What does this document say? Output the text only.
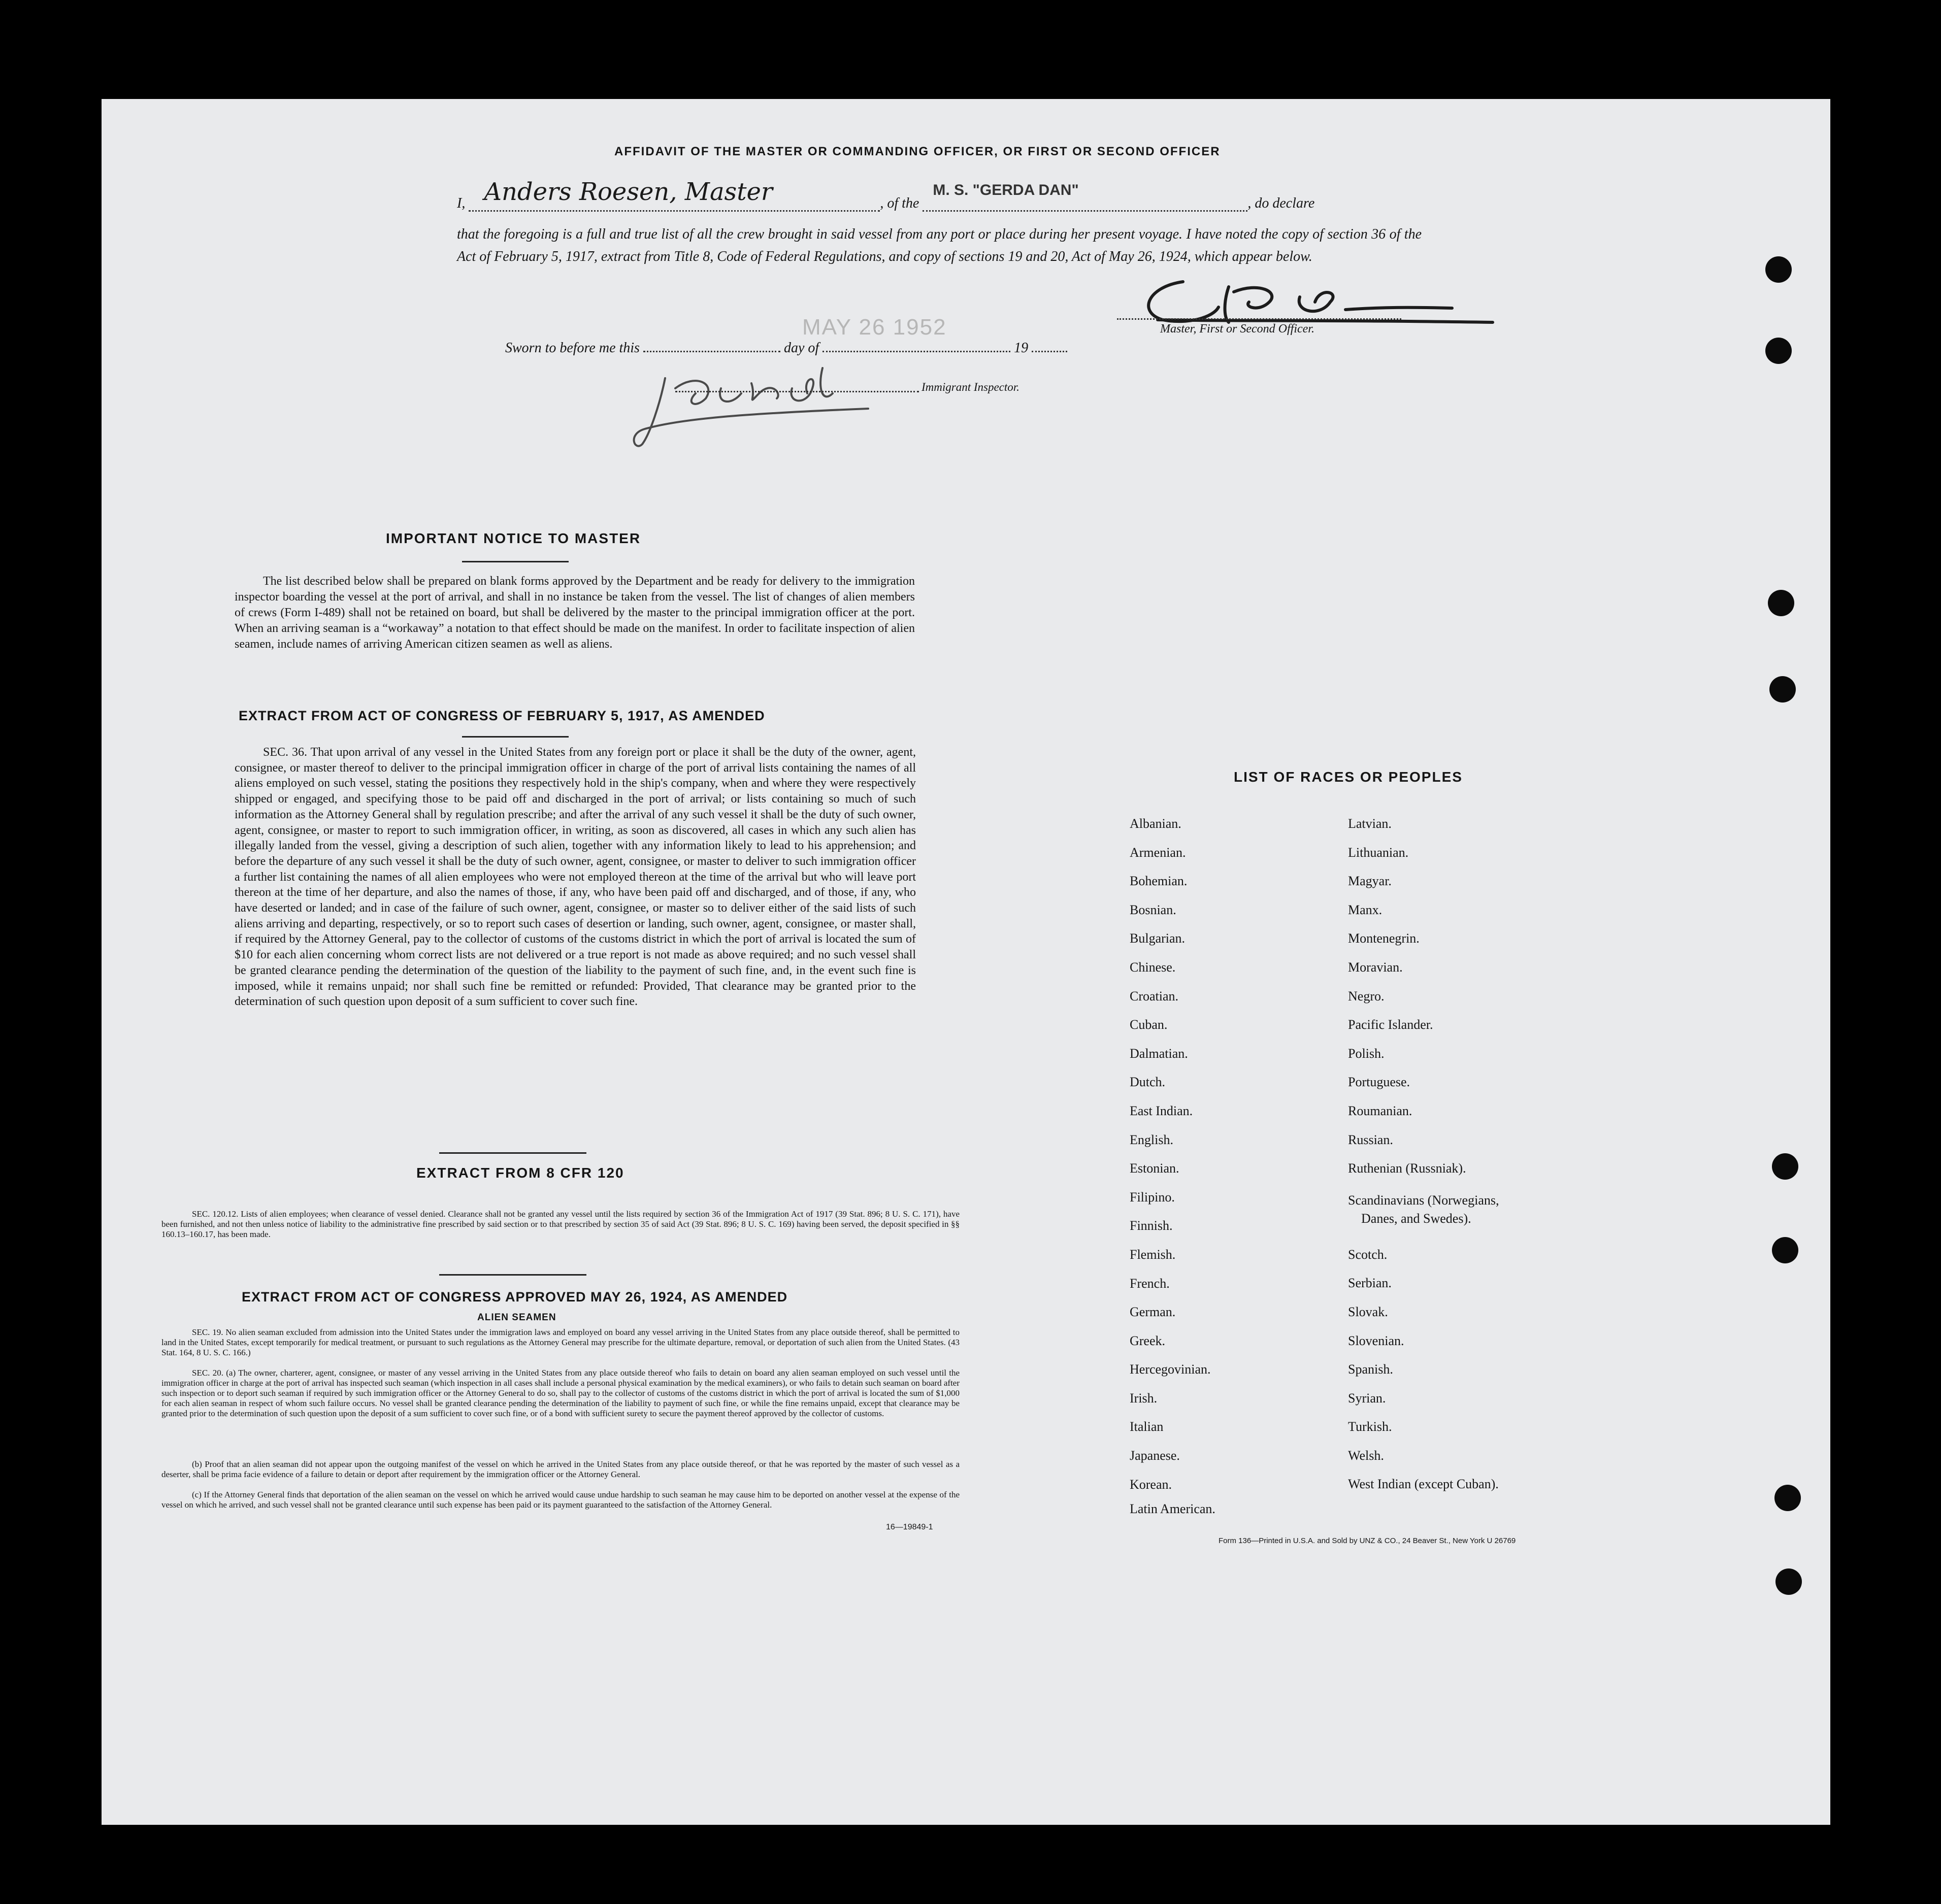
AFFIDAVIT OF THE MASTER OR COMMANDING OFFICER, OR FIRST OR SECOND OFFICER
I, Anders Roesen, Master	, of the
M. S. "GERDA DAN"
, do declare
that the foregoing is a full and true list of all the crew brought in said vessel from any port or place during her present voyage. I have noted the copy of section 36 of the Act of February 5, 1917, extract from Title 8, Code of Federal Regulations, and copy of sections 19 and 20, Act of May 26, 1924, which appear below.
Master, First or Second Officer.
MAY 26 1952
Sworn to before me this	day of	19
Immigrant Inspector.
IMPORTANT NOTICE TO MASTER
The list described below shall be prepared on blank forms approved by the Department and be ready for delivery to the immigration inspector boarding the vessel at the port of arrival, and shall in no instance be taken from the vessel. The list of changes of alien members of crews (Form I-489) shall not be retained on board, but shall be delivered by the master to the principal immigration officer at the port. When an arriving seaman is a “workaway” a notation to that effect should be made on the manifest. In order to facilitate inspection of alien seamen, include names of arriving American citizen seamen as well as aliens.
EXTRACT FROM ACT OF CONGRESS OF FEBRUARY 5, 1917, AS AMENDED
SEC. 36. That upon arrival of any vessel in the United States from any foreign port or place it shall be the duty of the owner, agent, consignee, or master thereof to deliver to the principal immigration officer in charge of the port of arrival lists containing the names of all aliens employed on such vessel, stating the positions they respectively hold in the ship's company, when and where they were respectively shipped or engaged, and specifying those to be paid off and discharged in the port of arrival; or lists containing so much of such information as the Attorney General shall by regulation prescribe; and after the arrival of any such vessel it shall be the duty of such owner, agent, consignee, or master to report to such immigration officer, in writing, as soon as discovered, all cases in which any such alien has illegally landed from the vessel, giving a description of such alien, together with any information likely to lead to his apprehension; and before the departure of any such vessel it shall be the duty of such owner, agent, consignee, or master to deliver to such immigration officer a further list containing the names of all alien employees who were not employed thereon at the time of the arrival but who will leave port thereon at the time of her departure, and also the names of those, if any, who have been paid off and discharged, and of those, if any, who have deserted or landed; and in case of the failure of such owner, agent, consignee, or master so to deliver either of the said lists of such aliens arriving and departing, respectively, or so to report such cases of desertion or landing, such owner, agent, consignee, or master shall, if required by the Attorney General, pay to the collector of customs of the customs district in which the port of arrival is located the sum of $10 for each alien concerning whom correct lists are not delivered or a true report is not made as above required; and no such vessel shall be granted clearance pending the determination of the question of the liability to the payment of such fine, and, in the event such fine is imposed, while it remains unpaid; nor shall such fine be remitted or refunded: Provided, That clearance may be granted prior to the determination of such question upon deposit of a sum sufficient to cover such fine.
EXTRACT FROM 8 CFR 120
SEC. 120.12. Lists of alien employees; when clearance of vessel denied. Clearance shall not be granted any vessel until the lists required by section 36 of the Immigration Act of 1917 (39 Stat. 896; 8 U. S. C. 171), have been furnished, and not then unless notice of liability to the administrative fine prescribed by said section or to that prescribed by section 35 of said Act (39 Stat. 896; 8 U. S. C. 169) having been served, the deposit specified in §§ 160.13–160.17, has been made.
EXTRACT FROM ACT OF CONGRESS APPROVED MAY 26, 1924, AS AMENDED
ALIEN SEAMEN
SEC. 19. No alien seaman excluded from admission into the United States under the immigration laws and employed on board any vessel arriving in the United States from any place outside thereof, shall be permitted to land in the United States, except temporarily for medical treatment, or pursuant to such regulations as the Attorney General may prescribe for the ultimate departure, removal, or deportation of such alien from the United States. (43 Stat. 164, 8 U. S. C. 166.)
SEC. 20. (a) The owner, charterer, agent, consignee, or master of any vessel arriving in the United States from any place outside thereof who fails to detain on board any alien seaman employed on such vessel until the immigration officer in charge at the port of arrival has inspected such seaman (which inspection in all cases shall include a personal physical examination by the medical examiners), or who fails to detain such seaman on board after such inspection or to deport such seaman if required by such immigration officer or the Attorney General to do so, shall pay to the collector of customs of the customs district in which the port of arrival is located the sum of $1,000 for each alien seaman in respect of whom such failure occurs. No vessel shall be granted clearance pending the determination of the liability to payment of such fine, or while the fine remains unpaid, except that clearance may be granted prior to the determination of such question upon the deposit of a sum sufficient to cover such fine, or of a bond with sufficient surety to secure the payment thereof approved by the collector of customs.
(b) Proof that an alien seaman did not appear upon the outgoing manifest of the vessel on which he arrived in the United States from any place outside thereof, or that he was reported by the master of such vessel as a deserter, shall be prima facie evidence of a failure to detain or deport after requirement by the immigration officer or the Attorney General.
(c) If the Attorney General finds that deportation of the alien seaman on the vessel on which he arrived would cause undue hardship to such seaman he may cause him to be deported on another vessel at the expense of the vessel on which he arrived, and such vessel shall not be granted clearance until such expense has been paid or its payment guaranteed to the satisfaction of the Attorney General.
16—19849-1
LIST OF RACES OR PEOPLES
Albanian.
Armenian.
Bohemian.
Bosnian.
Bulgarian.
Chinese.
Croatian.
Cuban.
Dalmatian.
Dutch.
East Indian.
English.
Estonian.
Filipino.
Finnish.
Flemish.
French.
German.
Greek.
Hercegovinian.
Irish.
Italian
Japanese.
Korean.
Latin American.
Latvian.
Lithuanian.
Magyar.
Manx.
Montenegrin.
Moravian.
Negro.
Pacific Islander.
Polish.
Portuguese.
Roumanian.
Russian.
Ruthenian (Russniak).
Scandinavians (Norwegians,
Danes, and Swedes).
Scotch.
Serbian.
Slovak.
Slovenian.
Spanish.
Syrian.
Turkish.
Welsh.
West Indian (except Cuban).
Form 136—Printed in U.S.A. and Sold by UNZ & CO., 24 Beaver St., New York U 26769
